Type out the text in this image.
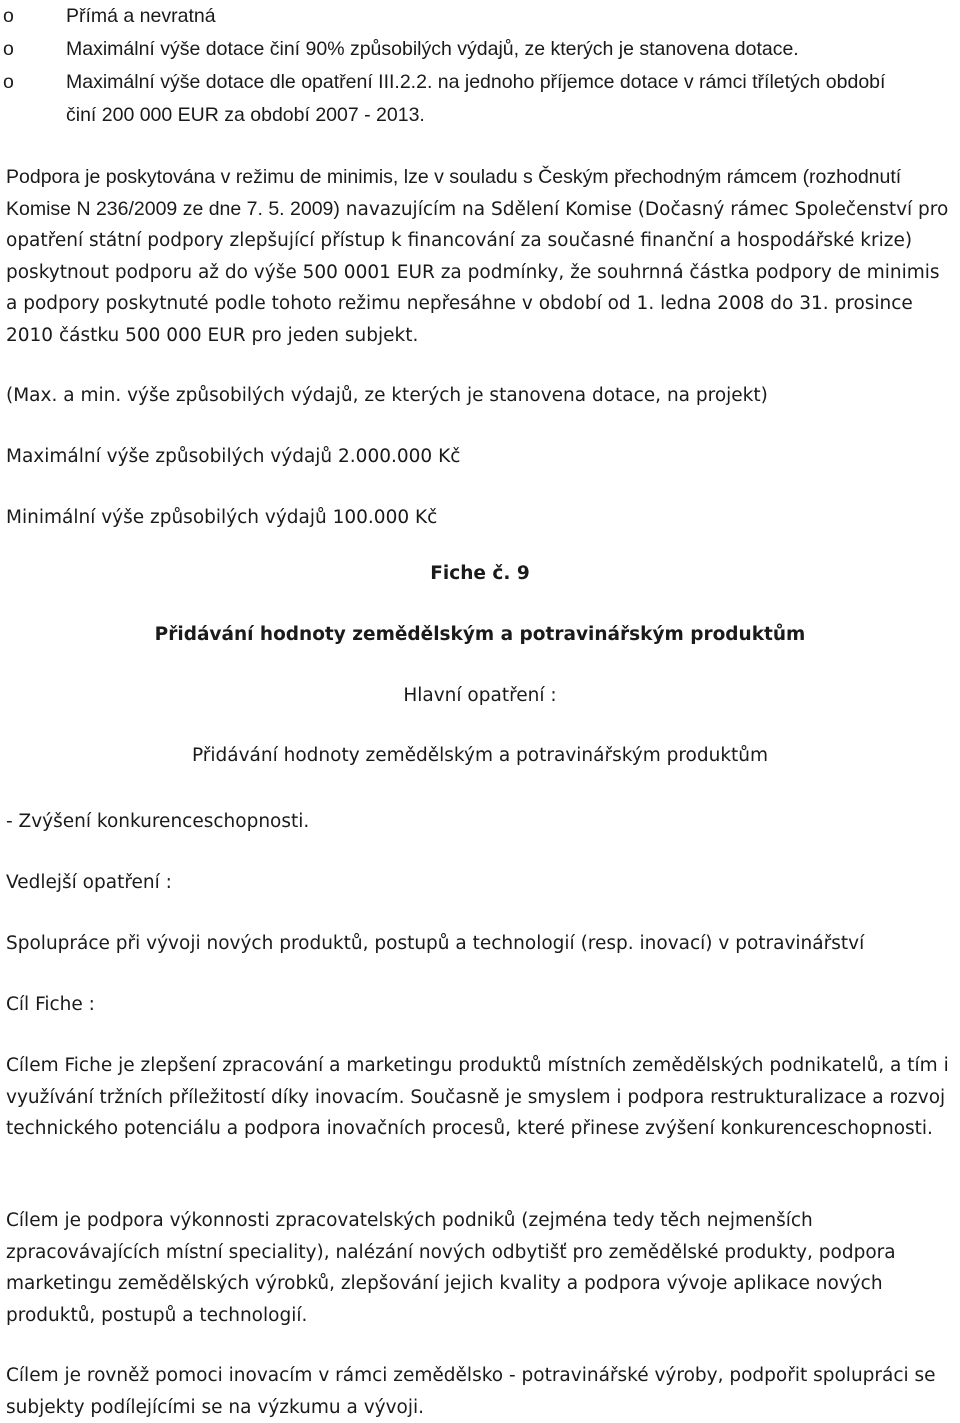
o	Přímá a nevratná
o	Maximální výše dotace činí 90% způsobilých výdajů, ze kterých je stanovena dotace.
o	Maximální výše dotace dle opatření III.2.2. na jednoho příjemce dotace v rámci tříletých období činí 200 000 EUR za období 2007 - 2013.

Podpora je poskytována v režimu de minimis, lze v souladu s Českým přechodným rámcem (rozhodnutí Komise N 236/2009 ze dne 7. 5. 2009) navazujícím na Sdělení Komise (Dočasný rámec Společenství pro opatření státní podpory zlepšující přístup k financování za současné finanční a hospodářské krize) poskytnout podporu až do výše 500 0001 EUR za podmínky, že souhrnná částka podpory de minimis a podpory poskytnuté podle tohoto režimu nepřesáhne v období od 1. ledna 2008 do 31. prosince 2010 částku 500 000 EUR pro jeden subjekt.

(Max. a min. výše způsobilých výdajů, ze kterých je stanovena dotace, na projekt)

Maximální výše způsobilých výdajů 2.000.000 Kč

Minimální výše způsobilých výdajů 100.000 Kč

Fiche č. 9

Přidávání hodnoty zemědělským a potravinářským produktům

Hlavní opatření :

Přidávání hodnoty zemědělským a potravinářským produktům

- Zvýšení konkurenceschopnosti.

Vedlejší opatření :

Spolupráce při vývoji nových produktů, postupů a technologií (resp. inovací) v potravinářství

Cíl Fiche :

Cílem Fiche je zlepšení zpracování a marketingu produktů místních zemědělských podnikatelů, a tím i využívání tržních příležitostí díky inovacím. Současně je smyslem i podpora restrukturalizace a rozvoj technického potenciálu a podpora inovačních procesů, které přinese zvýšení konkurenceschopnosti.

Cílem je podpora výkonnosti zpracovatelských podniků (zejména tedy těch nejmenších zpracovávajících místní speciality), nalézání nových odbytišť pro zemědělské produkty, podpora marketingu zemědělských výrobků, zlepšování jejich kvality a podpora vývoje aplikace nových produktů, postupů a technologií.

Cílem je rovněž pomoci inovacím v rámci zemědělsko - potravinářské výroby, podpořit spolupráci se subjekty podílejícími se na výzkumu a vývoji.
